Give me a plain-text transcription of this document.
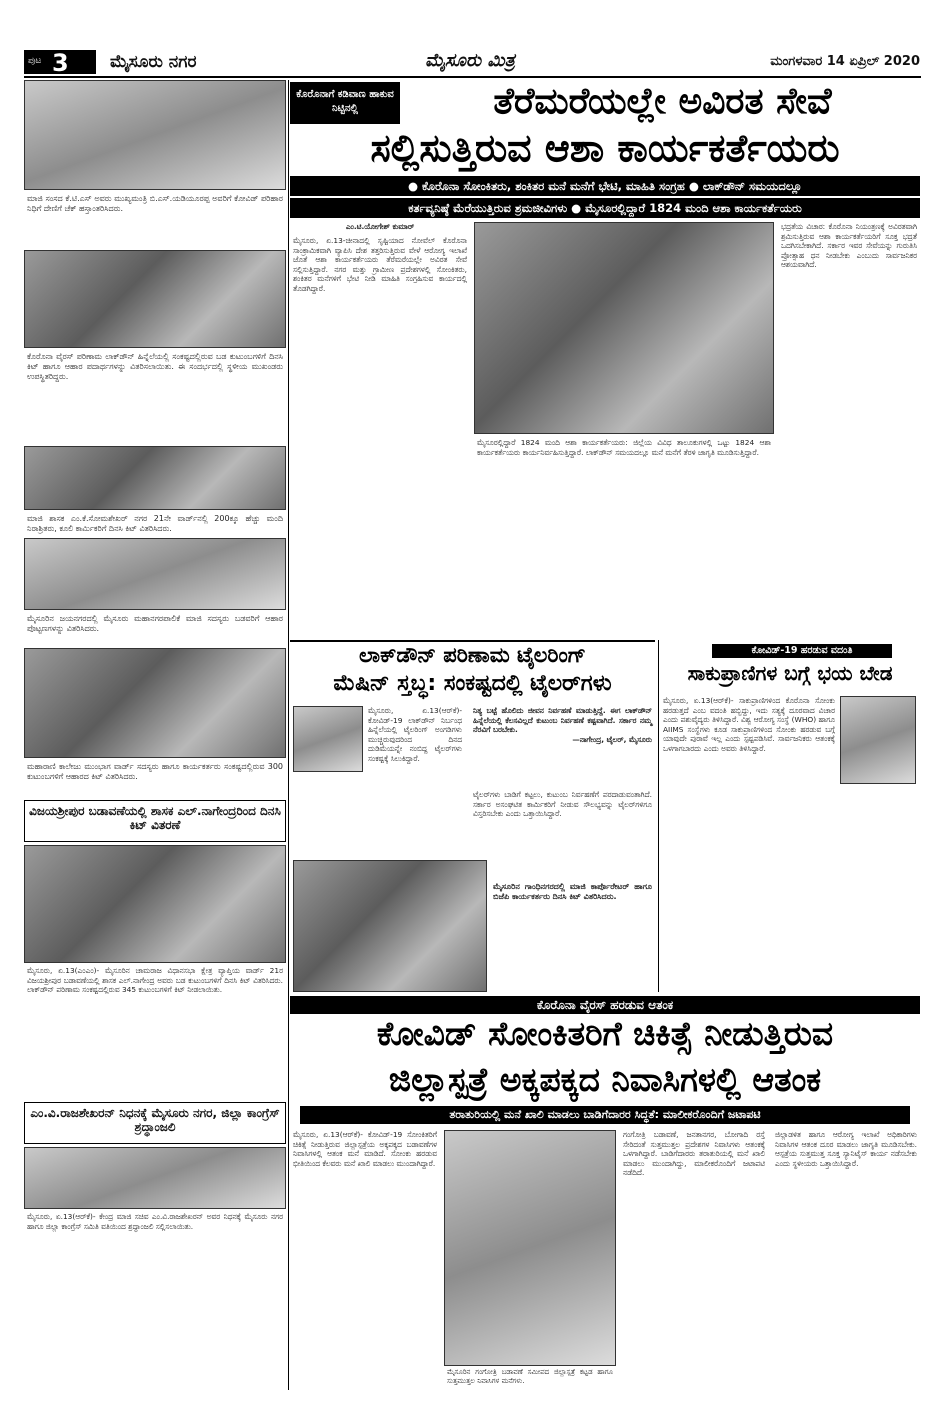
ಪುಟ 3 ಮೈಸೂರು ನಗರ	ಮೈಸೂರು ಮಿತ್ರ	ಮಂಗಳವಾರ 14 ಏಪ್ರಿಲ್ 2020
ಕೊರೊನಾಗೆ ಕಡಿವಾಣ ಹಾಕುವ ನಿಟ್ಟಿನಲ್ಲಿ	ತೆರೆಮರೆಯಲ್ಲೇ ಅವಿರತ ಸೇವೆ
ಸಲ್ಲಿಸುತ್ತಿರುವ ಆಶಾ ಕಾರ್ಯಕರ್ತೆಯರು
● ಕೊರೊನಾ ಸೋಂಕಿತರು, ಶಂಕಿತರ ಮನೆ ಮನೆಗೆ ಭೇಟಿ, ಮಾಹಿತಿ ಸಂಗ್ರಹ ● ಲಾಕ್‌ಡೌನ್ ಸಮಯದಲ್ಲೂ
ಕರ್ತವ್ಯನಿಷ್ಠೆ ಮೆರೆಯುತ್ತಿರುವ ಶ್ರಮಜೀವಿಗಳು ● ಮೈಸೂರಲ್ಲಿದ್ದಾರೆ 1824 ಮಂದಿ ಆಶಾ ಕಾರ್ಯಕರ್ತೆಯರು
ಎಂ.ಟಿ.ಯೋಗೇಶ್ ಕುಮಾರ್
ಮೈಸೂರು, ಏ.13-ಚೀನಾದಲ್ಲಿ ಸೃಷ್ಟಿಯಾದ ನೋವೆಲ್ ಕೊರೊನಾ ಸಾಂಕ್ರಾಮಿಕವಾಗಿ ವ್ಯಾಪಿಸಿ ದೇಶ ತತ್ತರಿಸುತ್ತಿರುವ ವೇಳೆ ಆರೋಗ್ಯ ಇಲಾಖೆ ಜೊತೆ ಆಶಾ ಕಾರ್ಯಕರ್ತೆಯರು ತೆರೆಮರೆಯಲ್ಲೇ ಅವಿರತ ಸೇವೆ ಸಲ್ಲಿಸುತ್ತಿದ್ದಾರೆ. ನಗರ ಮತ್ತು ಗ್ರಾಮೀಣ ಪ್ರದೇಶಗಳಲ್ಲಿ ಸೋಂಕಿತರು, ಶಂಕಿತರ ಮನೆಗಳಿಗೆ ಭೇಟಿ ನೀಡಿ ಮಾಹಿತಿ ಸಂಗ್ರಹಿಸುವ ಕಾರ್ಯದಲ್ಲಿ ತೊಡಗಿದ್ದಾರೆ.
ಮೈಸೂರಲ್ಲಿದ್ದಾರೆ 1824 ಮಂದಿ ಆಶಾ ಕಾರ್ಯಕರ್ತೆಯರು: ಜಿಲ್ಲೆಯ ವಿವಿಧ ತಾಲೂಕುಗಳಲ್ಲಿ ಒಟ್ಟು 1824 ಆಶಾ ಕಾರ್ಯಕರ್ತೆಯರು ಕಾರ್ಯನಿರ್ವಹಿಸುತ್ತಿದ್ದಾರೆ. ಲಾಕ್‌ಡೌನ್ ಸಮಯದಲ್ಲೂ ಮನೆ ಮನೆಗೆ ತೆರಳಿ ಜಾಗೃತಿ ಮೂಡಿಸುತ್ತಿದ್ದಾರೆ.
ಭದ್ರತೆಯ ವಿಚಾರ: ಕೊರೊನಾ ನಿಯಂತ್ರಣಕ್ಕೆ ಅವಿರತವಾಗಿ ಶ್ರಮಿಸುತ್ತಿರುವ ಆಶಾ ಕಾರ್ಯಕರ್ತೆಯರಿಗೆ ಸೂಕ್ತ ಭದ್ರತೆ ಒದಗಿಸಬೇಕಾಗಿದೆ. ಸರ್ಕಾರ ಇವರ ಸೇವೆಯನ್ನು ಗುರುತಿಸಿ ಪ್ರೋತ್ಸಾಹ ಧನ ನೀಡಬೇಕು ಎಂಬುದು ಸಾರ್ವಜನಿಕರ ಆಶಯವಾಗಿದೆ.
ಮಾಜಿ ಸಂಸದ ಕೆ.ಟಿ.ಎಸ್ ಅವರು ಮುಖ್ಯಮಂತ್ರಿ ಬಿ.ಎಸ್.ಯಡಿಯೂರಪ್ಪ ಅವರಿಗೆ ಕೋವಿಡ್ ಪರಿಹಾರ ನಿಧಿಗೆ ದೇಣಿಗೆ ಚೆಕ್ ಹಸ್ತಾಂತರಿಸಿದರು.
ಕೊರೊನಾ ವೈರಸ್ ಪರಿಣಾಮ ಲಾಕ್‌ಡೌನ್ ಹಿನ್ನೆಲೆಯಲ್ಲಿ ಸಂಕಷ್ಟದಲ್ಲಿರುವ ಬಡ ಕುಟುಂಬಗಳಿಗೆ ದಿನಸಿ ಕಿಟ್ ಹಾಗೂ ಆಹಾರ ಪದಾರ್ಥಗಳನ್ನು ವಿತರಿಸಲಾಯಿತು. ಈ ಸಂದರ್ಭದಲ್ಲಿ ಸ್ಥಳೀಯ ಮುಖಂಡರು ಉಪಸ್ಥಿತರಿದ್ದರು.
ಮಾಜಿ ಶಾಸಕ ಎಂ.ಕೆ.ಸೋಮಶೇಖರ್ ನಗರ 21ನೇ ವಾರ್ಡ್‌ನಲ್ಲಿ 200ಕ್ಕೂ ಹೆಚ್ಚು ಮಂದಿ ನಿರಾಶ್ರಿತರು, ಕೂಲಿ ಕಾರ್ಮಿಕರಿಗೆ ದಿನಸಿ ಕಿಟ್ ವಿತರಿಸಿದರು.
ಮೈಸೂರಿನ ಜಯನಗರದಲ್ಲಿ ಮೈಸೂರು ಮಹಾನಗರಪಾಲಿಕೆ ಮಾಜಿ ಸದಸ್ಯರು ಬಡವರಿಗೆ ಆಹಾರ ಪೊಟ್ಟಣಗಳನ್ನು ವಿತರಿಸಿದರು.
ಮಹಾರಾಣಿ ಕಾಲೇಜು ಮುಂಭಾಗ ವಾರ್ಡ್ ಸದಸ್ಯರು ಹಾಗೂ ಕಾರ್ಯಕರ್ತರು ಸಂಕಷ್ಟದಲ್ಲಿರುವ 300 ಕುಟುಂಬಗಳಿಗೆ ಆಹಾರದ ಕಿಟ್ ವಿತರಿಸಿದರು.
ವಿಜಯಶ್ರೀಪುರ ಬಡಾವಣೆಯಲ್ಲಿ ಶಾಸಕ ಎಲ್.ನಾಗೇಂದ್ರರಿಂದ ದಿನಸಿ ಕಿಟ್ ವಿತರಣೆ
ಮೈಸೂರು, ಏ.13(ಎಂಎಂ)- ಮೈಸೂರಿನ ಚಾಮರಾಜ ವಿಧಾನಸಭಾ ಕ್ಷೇತ್ರ ವ್ಯಾಪ್ತಿಯ ವಾರ್ಡ್ 21ರ ವಿಜಯಶ್ರೀಪುರ ಬಡಾವಣೆಯಲ್ಲಿ ಶಾಸಕ ಎಲ್.ನಾಗೇಂದ್ರ ಅವರು ಬಡ ಕುಟುಂಬಗಳಿಗೆ ದಿನಸಿ ಕಿಟ್ ವಿತರಿಸಿದರು. ಲಾಕ್‌ಡೌನ್ ಪರಿಣಾಮ ಸಂಕಷ್ಟದಲ್ಲಿರುವ 345 ಕುಟುಂಬಗಳಿಗೆ ಕಿಟ್ ನೀಡಲಾಯಿತು.
ಎಂ.ವಿ.ರಾಜಶೇಖರನ್ ನಿಧನಕ್ಕೆ ಮೈಸೂರು ನಗರ, ಜಿಲ್ಲಾ ಕಾಂಗ್ರೆಸ್ ಶ್ರದ್ಧಾಂಜಲಿ
ಮೈಸೂರು, ಏ.13(ಆರ್‌ಕೆ)- ಕೇಂದ್ರ ಮಾಜಿ ಸಚಿವ ಎಂ.ವಿ.ರಾಜಶೇಖರನ್ ಅವರ ನಿಧನಕ್ಕೆ ಮೈಸೂರು ನಗರ ಹಾಗೂ ಜಿಲ್ಲಾ ಕಾಂಗ್ರೆಸ್ ಸಮಿತಿ ವತಿಯಿಂದ ಶ್ರದ್ಧಾಂಜಲಿ ಸಲ್ಲಿಸಲಾಯಿತು.
ಲಾಕ್‌ಡೌನ್ ಪರಿಣಾಮ ಟೈಲರಿಂಗ್
ಮೆಷಿನ್ ಸ್ತಬ್ಧ: ಸಂಕಷ್ಟದಲ್ಲಿ ಟೈಲರ್‌ಗಳು
ಮೈಸೂರು, ಏ.13(ಆರ್‌ಕೆ)- ಕೋವಿಡ್-19 ಲಾಕ್‌ಡೌನ್ ನಿರ್ಬಂಧ ಹಿನ್ನೆಲೆಯಲ್ಲಿ ಟೈಲರಿಂಗ್ ಅಂಗಡಿಗಳು ಮುಚ್ಚಿರುವುದರಿಂದ ದಿನದ ದುಡಿಮೆಯನ್ನೇ ನಂಬಿದ್ದ ಟೈಲರ್‌ಗಳು ಸಂಕಷ್ಟಕ್ಕೆ ಸಿಲುಕಿದ್ದಾರೆ.
ನಿತ್ಯ ಬಟ್ಟೆ ಹೊಲಿದು ಜೀವನ ನಿರ್ವಹಣೆ ಮಾಡುತ್ತಿದ್ದೆ. ಈಗ ಲಾಕ್‌ಡೌನ್ ಹಿನ್ನೆಲೆಯಲ್ಲಿ ಕೆಲಸವಿಲ್ಲದೆ ಕುಟುಂಬ ನಿರ್ವಹಣೆ ಕಷ್ಟವಾಗಿದೆ. ಸರ್ಕಾರ ನಮ್ಮ ನೆರವಿಗೆ ಬರಬೇಕು.
—ನಾಗೇಂದ್ರ, ಟೈಲರ್, ಮೈಸೂರು
ಟೈಲರ್‌ಗಳು ಬಾಡಿಗೆ ಕಟ್ಟಲು, ಕುಟುಂಬ ನಿರ್ವಹಣೆಗೆ ಪರದಾಡುವಂತಾಗಿದೆ. ಸರ್ಕಾರ ಅಸಂಘಟಿತ ಕಾರ್ಮಿಕರಿಗೆ ನೀಡುವ ಸೌಲಭ್ಯವನ್ನು ಟೈಲರ್‌ಗಳಿಗೂ ವಿಸ್ತರಿಸಬೇಕು ಎಂದು ಒತ್ತಾಯಿಸಿದ್ದಾರೆ.
ಮೈಸೂರಿನ ಗಾಂಧಿನಗರದಲ್ಲಿ ಮಾಜಿ ಕಾರ್ಪೊರೇಟರ್ ಹಾಗೂ ಬಿಜೆಪಿ ಕಾರ್ಯಕರ್ತರು ದಿನಸಿ ಕಿಟ್ ವಿತರಿಸಿದರು.
ಕೋವಿಡ್-19 ಹರಡುವ ವದಂತಿ
ಸಾಕುಪ್ರಾಣಿಗಳ ಬಗ್ಗೆ ಭಯ ಬೇಡ
ಮೈಸೂರು, ಏ.13(ಆರ್‌ಕೆ)- ಸಾಕುಪ್ರಾಣಿಗಳಿಂದ ಕೊರೊನಾ ಸೋಂಕು ಹರಡುತ್ತದೆ ಎಂಬ ವದಂತಿ ಹಬ್ಬಿದ್ದು, ಇದು ಸತ್ಯಕ್ಕೆ ದೂರವಾದ ವಿಚಾರ ಎಂದು ಪಶುವೈದ್ಯರು ತಿಳಿಸಿದ್ದಾರೆ. ವಿಶ್ವ ಆರೋಗ್ಯ ಸಂಸ್ಥೆ (WHO) ಹಾಗೂ AIIMS ಸಂಸ್ಥೆಗಳು ಕೂಡ ಸಾಕುಪ್ರಾಣಿಗಳಿಂದ ಸೋಂಕು ಹರಡುವ ಬಗ್ಗೆ ಯಾವುದೇ ಪುರಾವೆ ಇಲ್ಲ ಎಂದು ಸ್ಪಷ್ಟಪಡಿಸಿವೆ. ಸಾರ್ವಜನಿಕರು ಆತಂಕಕ್ಕೆ ಒಳಗಾಗಬಾರದು ಎಂದು ಅವರು ತಿಳಿಸಿದ್ದಾರೆ.
ಕೊರೊನಾ ವೈರಸ್ ಹರಡುವ ಆತಂಕ
ಕೋವಿಡ್ ಸೋಂಕಿತರಿಗೆ ಚಿಕಿತ್ಸೆ ನೀಡುತ್ತಿರುವ
ಜಿಲ್ಲಾಸ್ಪತ್ರೆ ಅಕ್ಕಪಕ್ಕದ ನಿವಾಸಿಗಳಲ್ಲಿ ಆತಂಕ
ತರಾತುರಿಯಲ್ಲಿ ಮನೆ ಖಾಲಿ ಮಾಡಲು ಬಾಡಿಗೆದಾರರ ಸಿದ್ಧತೆ: ಮಾಲೀಕರೊಂದಿಗೆ ಜಟಾಪಟಿ
ಮೈಸೂರು, ಏ.13(ಆರ್‌ಕೆ)- ಕೋವಿಡ್-19 ಸೋಂಕಿತರಿಗೆ ಚಿಕಿತ್ಸೆ ನೀಡುತ್ತಿರುವ ಜಿಲ್ಲಾಸ್ಪತ್ರೆಯ ಅಕ್ಕಪಕ್ಕದ ಬಡಾವಣೆಗಳ ನಿವಾಸಿಗಳಲ್ಲಿ ಆತಂಕ ಮನೆ ಮಾಡಿದೆ. ಸೋಂಕು ಹರಡುವ ಭೀತಿಯಿಂದ ಕೆಲವರು ಮನೆ ಖಾಲಿ ಮಾಡಲು ಮುಂದಾಗಿದ್ದಾರೆ.
ಮೈಸೂರಿನ ಗಂಗೋತ್ರಿ ಬಡಾವಣೆ ಸಮೀಪದ ಜಿಲ್ಲಾಸ್ಪತ್ರೆ ಕಟ್ಟಡ ಹಾಗೂ ಸುತ್ತಮುತ್ತಲ ನಿವಾಸಿಗಳ ಮನೆಗಳು.
ಗಂಗೋತ್ರಿ ಬಡಾವಣೆ, ಜನತಾನಗರ, ಬೋಗಾದಿ ರಸ್ತೆ ಸೇರಿದಂತೆ ಸುತ್ತಮುತ್ತಲ ಪ್ರದೇಶಗಳ ನಿವಾಸಿಗಳು ಆತಂಕಕ್ಕೆ ಒಳಗಾಗಿದ್ದಾರೆ. ಬಾಡಿಗೆದಾರರು ತರಾತುರಿಯಲ್ಲಿ ಮನೆ ಖಾಲಿ ಮಾಡಲು ಮುಂದಾಗಿದ್ದು, ಮಾಲೀಕರೊಂದಿಗೆ ಜಟಾಪಟಿ ನಡೆದಿದೆ.
ಜಿಲ್ಲಾಡಳಿತ ಹಾಗೂ ಆರೋಗ್ಯ ಇಲಾಖೆ ಅಧಿಕಾರಿಗಳು ನಿವಾಸಿಗಳ ಆತಂಕ ದೂರ ಮಾಡಲು ಜಾಗೃತಿ ಮೂಡಿಸಬೇಕು. ಆಸ್ಪತ್ರೆಯ ಸುತ್ತಮುತ್ತ ಸೂಕ್ತ ಸ್ಯಾನಿಟೈಸ್ ಕಾರ್ಯ ನಡೆಸಬೇಕು ಎಂದು ಸ್ಥಳೀಯರು ಒತ್ತಾಯಿಸಿದ್ದಾರೆ.
